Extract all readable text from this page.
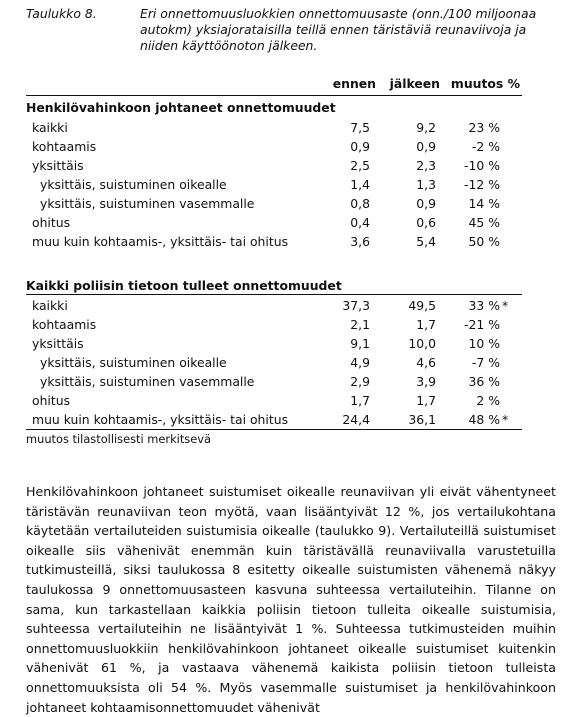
Taulukko 8.	Eri onnettomuusluokkien onnettomuusaste (onn./100 miljoonaa autokm) yksiajorataisilla teillä ennen täristäviä reunaviivoja ja niiden käyttöönoton jälkeen.
ennen jälkeen muutos %
Henkilövahinkoon johtaneet onnettomuudet
kaikki	7,5	9,2	23 %
kohtaamis	0,9	0,9	-2 %
yksittäis	2,5	2,3 -10 %
yksittäis, suistuminen oikealle	1,4	1,3 -12 %
yksittäis, suistuminen vasemmalle	0,8	0,9	14 %
ohitus	0,4	0,6	45 %
muu kuin kohtaamis-, yksittäis- tai ohitus	3,6	5,4	50 %
Kaikki poliisin tietoon tulleet onnettomuudet
kaikki	37,3	49,5	33 % *
kohtaamis	2,1	1,7 -21 %
yksittäis	9,1	10,0	10 %
yksittäis, suistuminen oikealle	4,9	4,6	-7 %
yksittäis, suistuminen vasemmalle	2,9	3,9	36 %
ohitus	1,7	1,7	2 %
muu kuin kohtaamis-, yksittäis- tai ohitus	24,4	36,1	48 % *
muutos tilastollisesti merkitsevä
Henkilövahinkoon johtaneet suistumiset oikealle reunaviivan yli eivät vähentyneet täristävän reunaviivan teon myötä, vaan lisääntyivät 12 %, jos vertailukohtana käytetään vertailuteiden suistumisia oikealle (taulukko 9). Vertailuteillä suistumiset oikealle siis vähenivät enemmän kuin täristävällä reunaviivalla varustetuilla tutkimusteillä, siksi taulukossa 8 esitetty oikealle suistumisten vähenemä näkyy taulukossa 9 onnettomuusasteen kasvuna suhteessa vertailuteihin. Tilanne on sama, kun tarkastellaan kaikkia poliisin tietoon tulleita oikealle suistumisia, suhteessa vertailuteihin ne lisääntyivät 1 %. Suhteessa tutkimusteiden muihin onnettomuusluokkiin henkilövahinkoon johtaneet oikealle suistumiset kuitenkin vähenivät 61 %, ja vastaava vähenemä kaikista poliisin tietoon tulleista onnettomuuksista oli 54 %. Myös vasemmalle suistumiset ja henkilövahinkoon johtaneet kohtaamisonnettomuudet vähenivät
